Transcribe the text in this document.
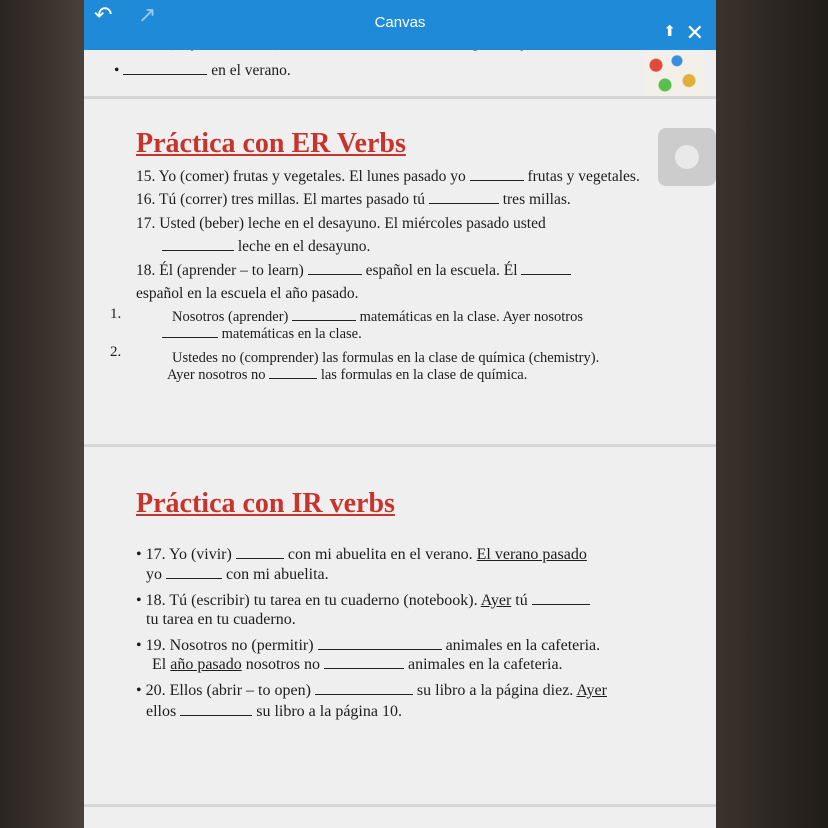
•	en el verano.
Práctica con ER Verbs
15. Yo (comer) frutas y vegetales. El lunes pasado yo	frutas y vegetales.
16. Tú (correr) tres millas. El martes pasado tú	tres millas.
17. Usted (beber) leche en el desayuno. El miércoles pasado usted
leche en el desayuno.
18. Él (aprender – to learn)	español en la escuela. Él
español en la escuela el año pasado.
1.	Nosotros (aprender)	matemáticas en la clase. Ayer nosotros
matemáticas en la clase.
2.	Ustedes no (comprender) las formulas en la clase de química (chemistry).
Ayer nosotros no	las formulas en la clase de química.
Práctica con IR verbs
• 17. Yo (vivir)	con mi abuelita en el verano. El verano pasado
yo	con mi abuelita.
• 18. Tú (escribir) tu tarea en tu cuaderno (notebook). Ayer tú
tu tarea en tu cuaderno.
• 19. Nosotros no (permitir)	animales en la cafeteria.
El año pasado nosotros no	animales en la cafeteria.
• 20. Ellos (abrir – to open)	su libro a la página diez. Ayer
ellos	su libro a la página 10.
↶ ↗	Canvas
⬆ ✕
